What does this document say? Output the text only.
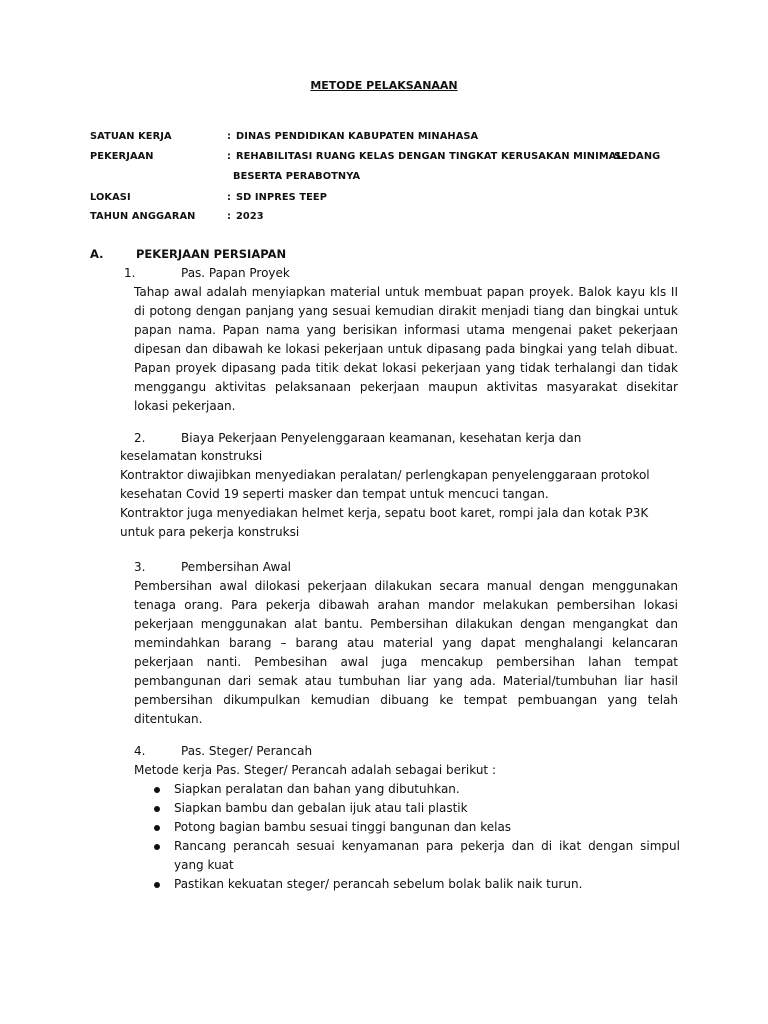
METODE PELAKSANAAN
SATUAN KERJA	: DINAS PENDIDIKAN KABUPATEN MINAHASA
PEKERJAAN	: REHABILITASI RUANG KELAS DENGAN TINGKAT KERUSAKAN MINIMAL
SEDANG
BESERTA PERABOTNYA
LOKASI	: SD INPRES TEEP
TAHUN ANGGARAN	: 2023
A.	PEKERJAAN PERSIAPAN
1.	Pas. Papan Proyek
Tahap awal adalah menyiapkan material untuk membuat papan proyek. Balok kayu kls II di potong dengan panjang yang sesuai kemudian dirakit menjadi tiang dan bingkai untuk papan nama. Papan nama yang berisikan informasi utama mengenai paket pekerjaan dipesan dan dibawah ke lokasi pekerjaan untuk dipasang pada bingkai yang telah dibuat. Papan proyek dipasang pada titik dekat lokasi pekerjaan yang tidak terhalangi dan tidak menggangu aktivitas pelaksanaan pekerjaan maupun aktivitas masyarakat disekitar lokasi pekerjaan.
2.	Biaya Pekerjaan Penyelenggaraan keamanan, kesehatan kerja dan
keselamatan konstruksi
Kontraktor diwajibkan menyediakan peralatan/ perlengkapan penyelenggaraan protokol kesehatan Covid 19 seperti masker dan tempat untuk mencuci tangan.
Kontraktor juga menyediakan helmet kerja, sepatu boot karet, rompi jala dan kotak P3K untuk para pekerja konstruksi
3.	Pembersihan Awal
Pembersihan awal dilokasi pekerjaan dilakukan secara manual dengan menggunakan tenaga orang. Para pekerja dibawah arahan mandor melakukan pembersihan lokasi pekerjaan menggunakan alat bantu. Pembersihan dilakukan dengan mengangkat dan memindahkan barang – barang atau material yang dapat menghalangi kelancaran pekerjaan nanti. Pembesihan awal juga mencakup pembersihan lahan tempat pembangunan dari semak atau tumbuhan liar yang ada. Material/tumbuhan liar hasil pembersihan dikumpulkan kemudian dibuang ke tempat pembuangan yang telah ditentukan.
4.	Pas. Steger/ Perancah
Metode kerja Pas. Steger/ Perancah adalah sebagai berikut :
Siapkan peralatan dan bahan yang dibutuhkan.
Siapkan bambu dan gebalan ijuk atau tali plastik
Potong bagian bambu sesuai tinggi bangunan dan kelas
Rancang perancah sesuai kenyamanan para pekerja dan di ikat dengan simpul yang kuat
Pastikan kekuatan steger/ perancah sebelum bolak balik naik turun.
